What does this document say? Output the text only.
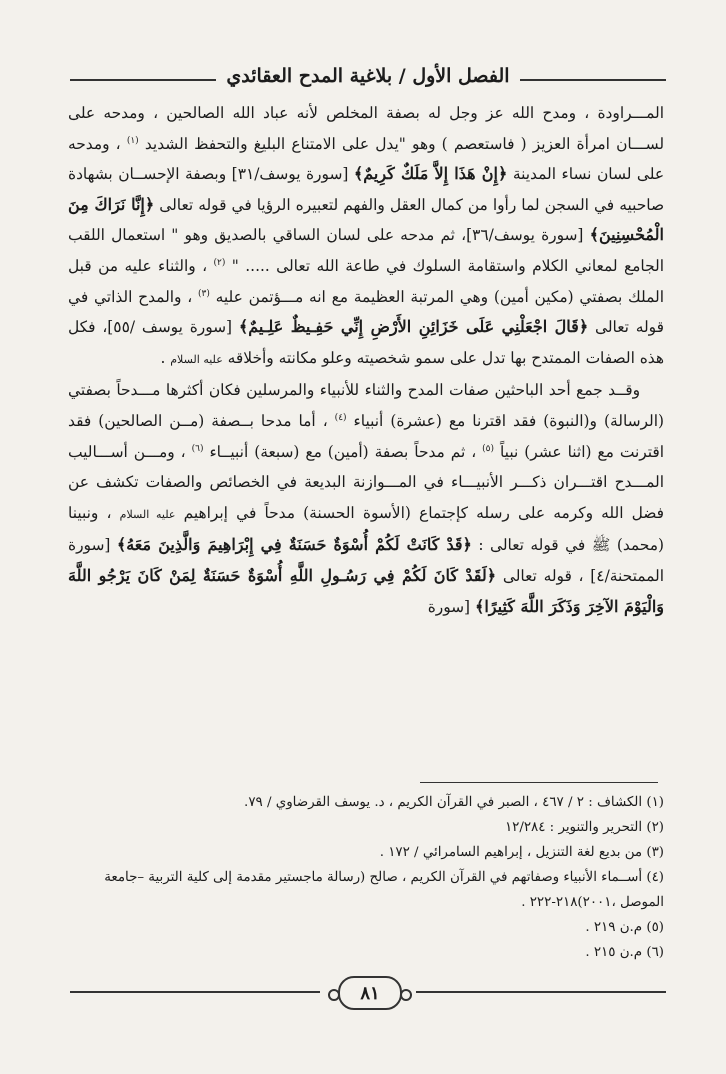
الفصل الأول / بلاغية المدح العقائدي

المـــراودة ، ومدح الله عز وجل له بصفة المخلص لأنه عباد الله الصالحين ، ومدحه على لســـان امرأة العزيز ( فاستعصم ) وهو "يدل على الامتناع البليغ والتحفظ الشديد $^{(١)}$ ، ومدحه على لسان نساء المدينة ﴿إِنْ هَذَا إِلاَّ مَلَكٌ كَرِيمٌ﴾ [سورة يوسف/٣١] وبصفة الإحســان بشهادة صاحبيه في السجن لما رأوا من كمال العقل والفهم لتعبيره الرؤيا في قوله تعالى ﴿إِنَّا نَرَاكَ مِنَ الْمُحْسِنِينَ﴾ [سورة يوسف/٣٦]، ثم مدحه على لسان الساقي بالصديق وهو " استعمال اللقب الجامع لمعاني الكلام واستقامة السلوك في طاعة الله تعالى ..... " $^{(٢)}$ ، والثناء عليه من قبل الملك بصفتي (مكين أمين) وهي المرتبة العظيمة مع انه مـــؤتمن عليه $^{(٣)}$ ، والمدح الذاتي في قوله تعالى ﴿قَالَ اجْعَلْنِي عَلَى خَزَائِنِ الأَرْضِ إِنِّي حَفِـيظٌ عَلِـيمٌ﴾ [سورة يوسف /٥٥]، فكل هذه الصفات الممتدح بها تدل على سمو شخصيته وعلو مكانته وأخلاقه عليه السلام .

وقــد جمع أحد الباحثين صفات المدح والثناء للأنبياء والمرسلين فكان أكثرها مـــدحاً بصفتي (الرسالة) و(النبوة) فقد اقترنا مع (عشرة) أنبياء $^{(٤)}$ ، أما مدحا بــصفة (مــن الصالحين) فقد اقترنت مع (اثنا عشر) نبياً $^{(٥)}$ ، ثم مدحاً بصفة (أمين) مع (سبعة) أنبيــاء $^{(٦)}$ ، ومـــن أســـاليب المـــدح اقتـــران ذكـــر الأنبيـــاء في المـــوازنة البديعة في الخصائص والصفات تكشف عن فضل الله وكرمه على رسله كإجتماع (الأسوة الحسنة) مدحاً في إبراهيم عليه السلام ، ونبينا (محمد) ﷺ في قوله تعالى : ﴿قَدْ كَانَتْ لَكُمْ أُسْوَةٌ حَسَنَةٌ فِي إِبْرَاهِيمَ وَالَّذِينَ مَعَهُ﴾ [سورة الممتحنة/٤] ، قوله تعالى ﴿لَقَدْ كَانَ لَكُمْ فِي رَسُـولِ اللَّهِ أُسْوَةٌ حَسَنَةٌ لِمَنْ كَانَ يَرْجُو اللَّهَ وَالْيَوْمَ الآخِرَ وَذَكَرَ اللَّهَ كَثِيرًا﴾ [سورة

(١) الكشاف : ٢ / ٤٦٧ ، الصبر في القرآن الكريم ، د. يوسف القرضاوي / ٧٩.
(٢) التحرير والتنوير : ١٢/٢٨٤
(٣) من بديع لغة التنزيل ، إبراهيم السامرائي / ١٧٢ .
(٤) أســماء الأنبياء وصفاتهم في القرآن الكريم ، صالح (رسالة ماجستير مقدمة إلى كلية التربية –جامعة
الموصل ،٢٠٠١)٢١٨-٢٢٢ .
(٥) م.ن ٢١٩ .
(٦) م.ن ٢١٥ .
٨١
